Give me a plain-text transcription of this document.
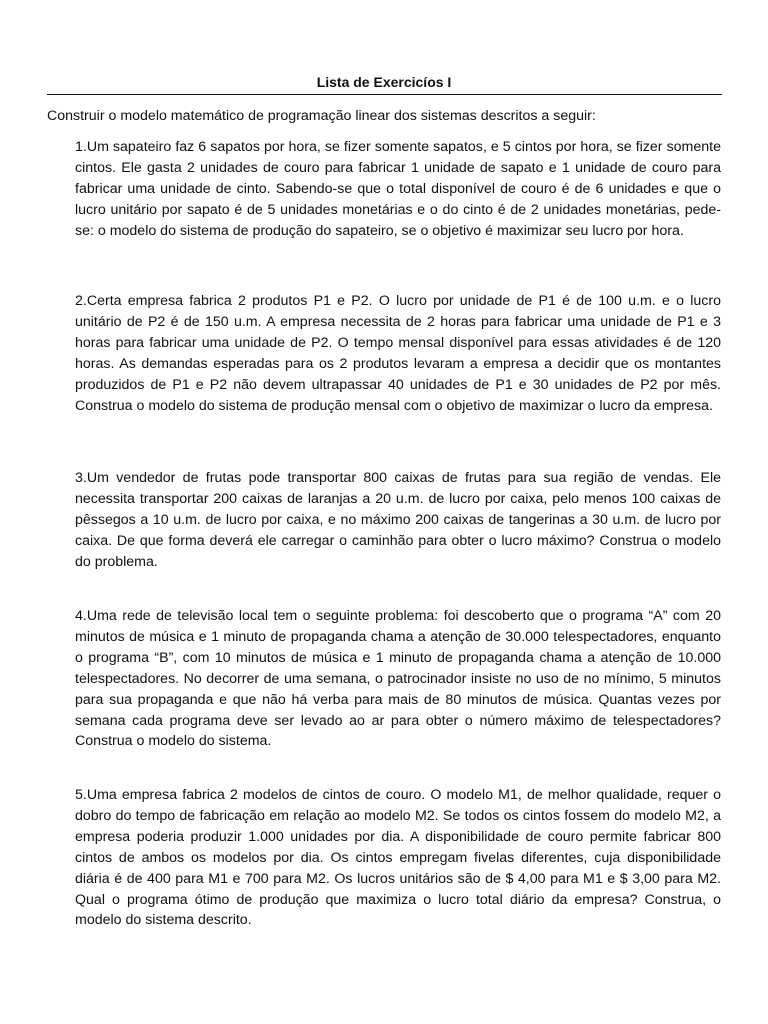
Lista de Exercicíos I

Construir o modelo matemático de programação linear dos sistemas descritos a seguir:

1.Um sapateiro faz 6 sapatos por hora, se fizer somente sapatos, e 5 cintos por hora, se fizer somente cintos. Ele gasta 2 unidades de couro para fabricar 1 unidade de sapato e 1 unidade de couro para fabricar uma unidade de cinto. Sabendo-se que o total disponível de couro é de 6 unidades e que o lucro unitário por sapato é de 5 unidades monetárias e o do cinto é de 2 unidades monetárias, pede-se: o modelo do sistema de produção do sapateiro, se o objetivo é maximizar seu lucro por hora.

2.Certa empresa fabrica 2 produtos P1 e P2. O lucro por unidade de P1 é de 100 u.m. e o lucro unitário de P2 é de 150 u.m. A empresa necessita de 2 horas para fabricar uma unidade de P1 e 3 horas para fabricar uma unidade de P2. O tempo mensal disponível para essas atividades é de 120 horas. As demandas esperadas para os 2 produtos levaram a empresa a decidir que os montantes produzidos de P1 e P2 não devem ultrapassar 40 unidades de P1 e 30 unidades de P2 por mês. Construa o modelo do sistema de produção mensal com o objetivo de maximizar o lucro da empresa.

3.Um vendedor de frutas pode transportar 800 caixas de frutas para sua região de vendas. Ele necessita transportar 200 caixas de laranjas a 20 u.m. de lucro por caixa, pelo menos 100 caixas de pêssegos a 10 u.m. de lucro por caixa, e no máximo 200 caixas de tangerinas a 30 u.m. de lucro por caixa. De que forma deverá ele carregar o caminhão para obter o lucro máximo? Construa o modelo do problema.

4.Uma rede de televisão local tem o seguinte problema: foi descoberto que o programa “A” com 20 minutos de música e 1 minuto de propaganda chama a atenção de 30.000 telespectadores, enquanto o programa “B”, com 10 minutos de música e 1 minuto de propaganda chama a atenção de 10.000 telespectadores. No decorrer de uma semana, o patrocinador insiste no uso de no mínimo, 5 minutos para sua propaganda e que não há verba para mais de 80 minutos de música. Quantas vezes por semana cada programa deve ser levado ao ar para obter o número máximo de telespectadores? Construa o modelo do sistema.

5.Uma empresa fabrica 2 modelos de cintos de couro. O modelo M1, de melhor qualidade, requer o dobro do tempo de fabricação em relação ao modelo M2. Se todos os cintos fossem do modelo M2, a empresa poderia produzir 1.000 unidades por dia. A disponibilidade de couro permite fabricar 800 cintos de ambos os modelos por dia. Os cintos empregam fivelas diferentes, cuja disponibilidade diária é de 400 para M1 e 700 para M2. Os lucros unitários são de $ 4,00 para M1 e $ 3,00 para M2. Qual o programa ótimo de produção que maximiza o lucro total diário da empresa? Construa, o modelo do sistema descrito.
